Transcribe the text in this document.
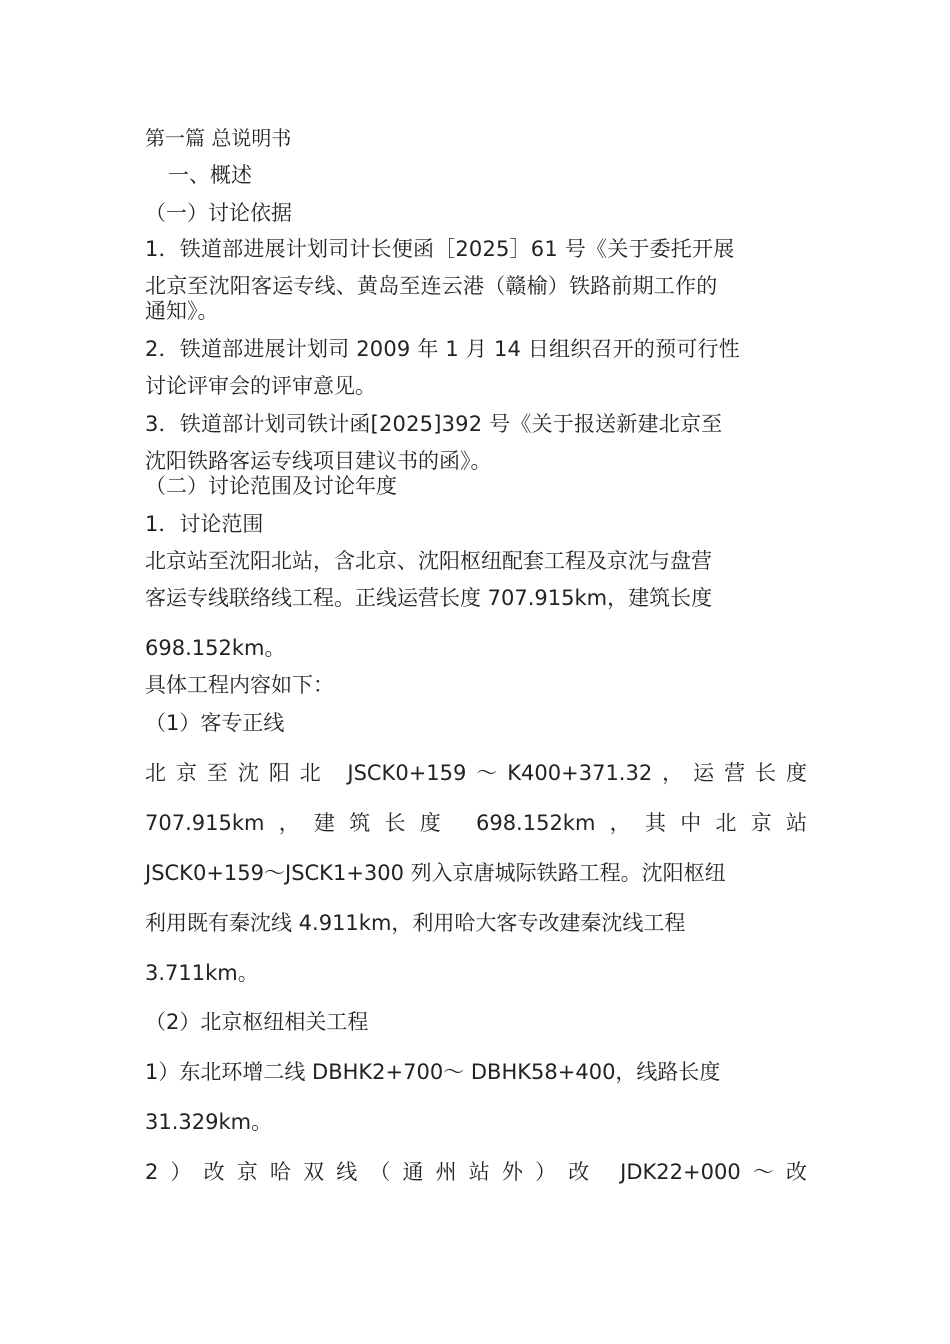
第一篇 总说明书

一、概述

（一）讨论依据

1．铁道部进展计划司计长便函［2025］61 号《关于委托开展

北京至沈阳客运专线、黄岛至连云港（赣榆）铁路前期工作的

通知》。

2．铁道部进展计划司 2009 年 1 月 14 日组织召开的预可行性

讨论评审会的评审意见。

3．铁道部计划司铁计函[2025]392 号《关于报送新建北京至

沈阳铁路客运专线项目建议书的函》。

（二）讨论范围及讨论年度

1．讨论范围

北京站至沈阳北站，含北京、沈阳枢纽配套工程及京沈与盘营

客运专线联络线工程。正线运营长度 707.915km，建筑长度

698.152km。

具体工程内容如下：

（1）客专正线

北京至沈阳北 JSCK0+159～K400+371.32，运营长度

707.915km，建筑长度 698.152km，其中北京站

JSCK0+159～JSCK1+300 列入京唐城际铁路工程。沈阳枢纽

利用既有秦沈线 4.911km，利用哈大客专改建秦沈线工程

3.711km。

（2）北京枢纽相关工程

1）东北环增二线 DBHK2+700～ DBHK58+400，线路长度

31.329km。

2）改京哈双线（通州站外）改 JDK22+000～改
